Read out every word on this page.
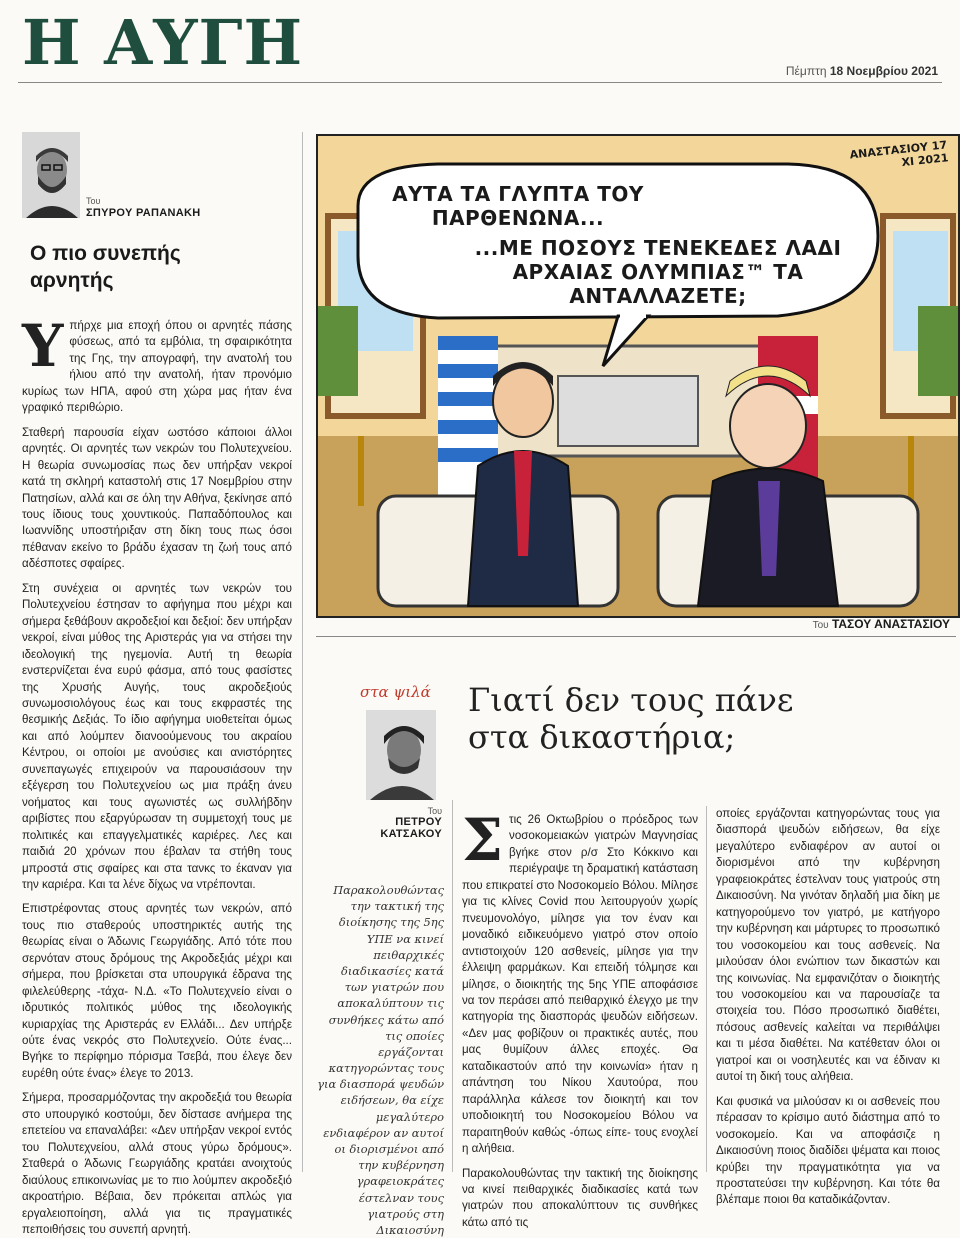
Η ΑΥΓΗ	Πέμπτη 18 Νοεμβρίου 2021
Του
ΣΠΥΡΟΥ ΡΑΠΑΝΑΚΗ
Ο πιο συνεπής αρνητής

Υπήρχε μια εποχή όπου οι αρνητές πάσης φύσεως, από τα εμβόλια, τη σφαιρικότητα της Γης, την απογραφή, την ανατολή του ήλιου από την ανατολή, ήταν προνόμιο κυρίως των ΗΠΑ, αφού στη χώρα μας ήταν ένα γραφικό περιθώριο.

Σταθερή παρουσία είχαν ωστόσο κάποιοι άλλοι αρνητές. Οι αρνητές των νεκρών του Πολυτεχνείου. Η θεωρία συνωμοσίας πως δεν υπήρξαν νεκροί κατά τη σκληρή καταστολή στις 17 Νοεμβρίου στην Πατησίων, αλλά και σε όλη την Αθήνα, ξεκίνησε από τους ίδιους τους χουντικούς. Παπαδόπουλος και Ιωαννίδης υποστήριξαν στη δίκη τους πως όσοι πέθαναν εκείνο το βράδυ έχασαν τη ζωή τους από αδέσποτες σφαίρες.

Στη συνέχεια οι αρνητές των νεκρών του Πολυτεχνείου έστησαν το αφήγημα που μέχρι και σήμερα ξεθάβουν ακροδεξιοί και δεξιοί: δεν υπήρξαν νεκροί, είναι μύθος της Αριστεράς για να στήσει την ιδεολογική της ηγεμονία. Αυτή τη θεωρία ενστερνίζεται ένα ευρύ φάσμα, από τους φασίστες της Χρυσής Αυγής, τους ακροδεξιούς συνωμοσιολόγους έως και τους εκφραστές της θεσμικής Δεξιάς. Το ίδιο αφήγημα υιοθετείται όμως και από λούμπεν διανοούμενους του ακραίου Κέντρου, οι οποίοι με ανούσιες και ανιστόρητες συνεπαγωγές επιχειρούν να παρουσιάσουν την εξέγερση του Πολυτεχνείου ως μια πράξη άνευ νοήματος και τους αγωνιστές ως συλλήβδην αριβίστες που εξαργύρωσαν τη συμμετοχή τους με πολιτικές και επαγγελματικές καριέρες. Λες και παιδιά 20 χρόνων που έβαλαν τα στήθη τους μπροστά στις σφαίρες και στα τανκς το έκαναν για την καριέρα. Και τα λένε δίχως να ντρέπονται.

Επιστρέφοντας στους αρνητές των νεκρών, από τους πιο σταθερούς υποστηρικτές αυτής της θεωρίας είναι ο Άδωνις Γεωργιάδης. Από τότε που σερνόταν στους δρόμους της Ακροδεξιάς μέχρι και σήμερα, που βρίσκεται στα υπουργικά έδρανα της φιλελεύθερης -τάχα- Ν.Δ. «Το Πολυτεχνείο είναι ο ιδρυτικός πολιτικός μύθος της ιδεολογικής κυριαρχίας της Αριστεράς εν Ελλάδι... Δεν υπήρξε ούτε ένας νεκρός στο Πολυτεχνείο. Ούτε ένας... Βγήκε το περίφημο πόρισμα Τσεβά, που έλεγε δεν ευρέθη ούτε ένας» έλεγε το 2013.

Σήμερα, προσαρμόζοντας την ακροδεξιά του θεωρία στο υπουργικό κοστούμι, δεν δίστασε ανήμερα της επετείου να επαναλάβει: «Δεν υπήρξαν νεκροί εντός του Πολυτεχνείου, αλλά στους γύρω δρόμους». Σταθερά ο Άδωνις Γεωργιάδης κρατάει ανοιχτούς διαύλους επικοινωνίας με το πιο λούμπεν ακροδεξιό ακροατήριο. Βέβαια, δεν πρόκειται απλώς για εργαλειοποίηση, αλλά για τις πραγματικές πεποιθήσεις του συνεπή αρνητή.

ΑΝΑΣΤΑΣΙΟΥ 17 ΧΙ 2021
ΑΥΤΑ ΤΑ ΓΛΥΠΤΑ ΤΟΥ ΠΑΡΘΕΝΩΝΑ...
...ΜΕ ΠΟΣΟΥΣ ΤΕΝΕΚΕΔΕΣ ΛΑΔΙ ΑΡΧΑΙΑΣ ΟΛΥΜΠΙΑΣ™ ΤΑ ΑΝΤΑΛΛΑΖΕΤΕ;
Του ΤΑΣΟΥ ΑΝΑΣΤΑΣΙΟΥ
στα ψιλά Γιατί δεν τους πάνε
στα δικαστήρια;
Του
ΠΕΤΡΟΥ
ΚΑΤΣΑΚΟΥ
Παρακολουθώντας την τακτική της διοίκησης της 5ης ΥΠΕ να κινεί πειθαρχικές διαδικασίες κατά των γιατρών που αποκαλύπτουν τις συνθήκες κάτω από τις οποίες εργάζονται κατηγορώντας τους για διασπορά ψευδών ειδήσεων, θα είχε μεγαλύτερο ενδιαφέρον αν αυτοί οι διορισμένοι από την κυβέρνηση γραφειοκράτες έστελναν τους γιατρούς στη Δικαιοσύνη

Στις 26 Οκτωβρίου ο πρόεδρος των νοσοκομειακών γιατρών Μαγνησίας βγήκε στον ρ/σ Στο Κόκκινο και περιέγραψε τη δραματική κατάσταση που επικρατεί στο Νοσοκομείο Βόλου. Μίλησε για τις κλίνες Covid που λειτουργούν χωρίς πνευμονολόγο, μίλησε για τον έναν και μοναδικό ειδικευόμενο γιατρό στον οποίο αντιστοιχούν 120 ασθενείς, μίλησε για την έλλειψη φαρμάκων. Και επειδή τόλμησε και μίλησε, ο διοικητής της 5ης ΥΠΕ αποφάσισε να τον περάσει από πειθαρχικό έλεγχο με την κατηγορία της διασποράς ψευδών ειδήσεων. «Δεν μας φοβίζουν οι πρακτικές αυτές, που μας θυμίζουν άλλες εποχές. Θα καταδικαστούν από την κοινωνία» ήταν η απάντηση του Νίκου Χαυτούρα, που παράλληλα κάλεσε τον διοικητή και τον υποδιοικητή του Νοσοκομείου Βόλου να παραιτηθούν καθώς -όπως είπε- τους ενοχλεί η αλήθεια.

Παρακολουθώντας την τακτική της διοίκησης να κινεί πειθαρχικές διαδικασίες κατά των γιατρών που αποκαλύπτουν τις συνθήκες κάτω από τις

οποίες εργάζονται κατηγορώντας τους για διασπορά ψευδών ειδήσεων, θα είχε μεγαλύτερο ενδιαφέρον αν αυτοί οι διορισμένοι από την κυβέρνηση γραφειοκράτες έστελναν τους γιατρούς στη Δικαιοσύνη. Να γινόταν δηλαδή μια δίκη με κατηγορούμενο τον γιατρό, με κατήγορο την κυβέρνηση και μάρτυρες το προσωπικό του νοσοκομείου και τους ασθενείς. Να μιλούσαν όλοι ενώπιον των δικαστών και της κοινωνίας. Να εμφανιζόταν ο διοικητής του νοσοκομείου και να παρουσίαζε τα στοιχεία του. Πόσο προσωπικό διαθέτει, πόσους ασθενείς καλείται να περιθάλψει και τι μέσα διαθέτει. Να κατέθεταν όλοι οι γιατροί και οι νοσηλευτές και να έδιναν κι αυτοί τη δική τους αλήθεια.

Και φυσικά να μιλούσαν κι οι ασθενείς που πέρασαν το κρίσιμο αυτό διάστημα από το νοσοκομείο. Και να αποφάσιζε η Δικαιοσύνη ποιος διαδίδει ψέματα και ποιος κρύβει την πραγματικότητα για να προστατεύσει την κυβέρνηση. Και τότε θα βλέπαμε ποιοι θα καταδικάζονταν.
